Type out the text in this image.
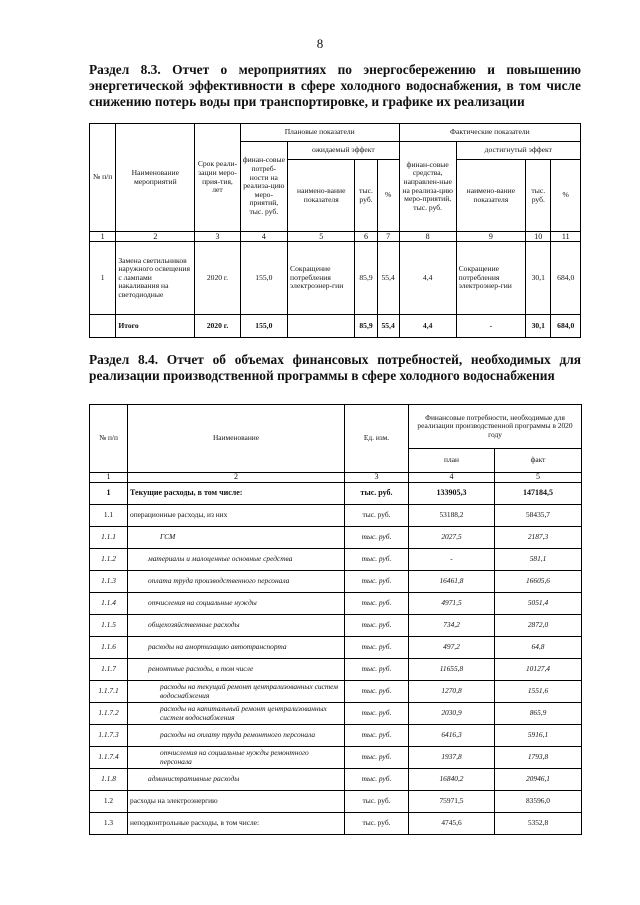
8
Раздел 8.3. Отчет о мероприятиях по энергосбережению и повышению энергетической эффективности в сфере холодного водоснабжения, в том числе снижению потерь воды при транспортировке, и графике их реализации
№ п/п	Наименование мероприятий	Срок реали-зации меро-прия-тия, лет	Плановые показатели				Фактические показатели			
			финан-совые потреб-ности на реализа-цию меро-приятий, тыс. руб.	ожидаемый эффект			финан-совые средства, направлен-ные на реализа-цию меро-приятий, тыс. руб.	достигнутый эффект		
				наимено-вание показателя	тыс. руб.	%		наимено-вание показателя	тыс. руб.	%
1	2	3	4	5	6	7	8	9	10	11
1	Замена светильников наружного освещения с лампами накаливания на светодиодные	2020 г.	155,0	Сокращение потребления электроэнер-гии	85,9	55,4	4,4	Сокращение потребления электроэнер-гии	30,1	684,0
	Итого	2020 г.	155,0		85,9	55,4	4,4	-	30,1	684,0
Раздел 8.4. Отчет об объемах финансовых потребностей, необходимых для реализации производственной программы в сфере холодного водоснабжения
№ п/п	Наименование	Ед. изм.	Финансовые потребности, необходимые для реализации производственной программы в 2020 году	
			план	факт
1	2	3	4	5
1	Текущие расходы, в том числе:	тыс. руб.	133905,3	147184,5
1.1	операционные расходы, из них	тыс. руб.	53188,2	58435,7
1.1.1	ГСМ	тыс. руб.	2027,5	2187,3
1.1.2	материалы и малоценные основные средства	тыс. руб.	-	581,1
1.1.3	оплата труда производственного персонала	тыс. руб.	16461,8	16605,6
1.1.4	отчисления на социальные нужды	тыс. руб.	4971,5	5051,4
1.1.5	общехозяйственные расходы	тыс. руб.	734,2	2872,0
1.1.6	расходы на амортизацию автотранспорта	тыс. руб.	497,2	64,8
1.1.7	ремонтные расходы, в том числе	тыс. руб.	11655,8	10127,4
1.1.7.1	расходы на текущий ремонт централизованных систем водоснабжения	тыс. руб.	1270,8	1551,6
1.1.7.2	расходы на капитальный ремонт централизованных систем водоснабжения	тыс. руб.	2030,9	865,9
1.1.7.3	расходы на оплату труда ремонтного персонала	тыс. руб.	6416,3	5916,1
1.1.7.4	отчисления на социальные нужды ремонтного персонала	тыс. руб.	1937,8	1793,8
1.1.8	административные расходы	тыс. руб.	16840,2	20946,1
1.2	расходы на электроэнергию	тыс. руб.	75971,5	83596,0
1.3	неподконтрольные расходы, в том числе:	тыс. руб.	4745,6	5352,8
